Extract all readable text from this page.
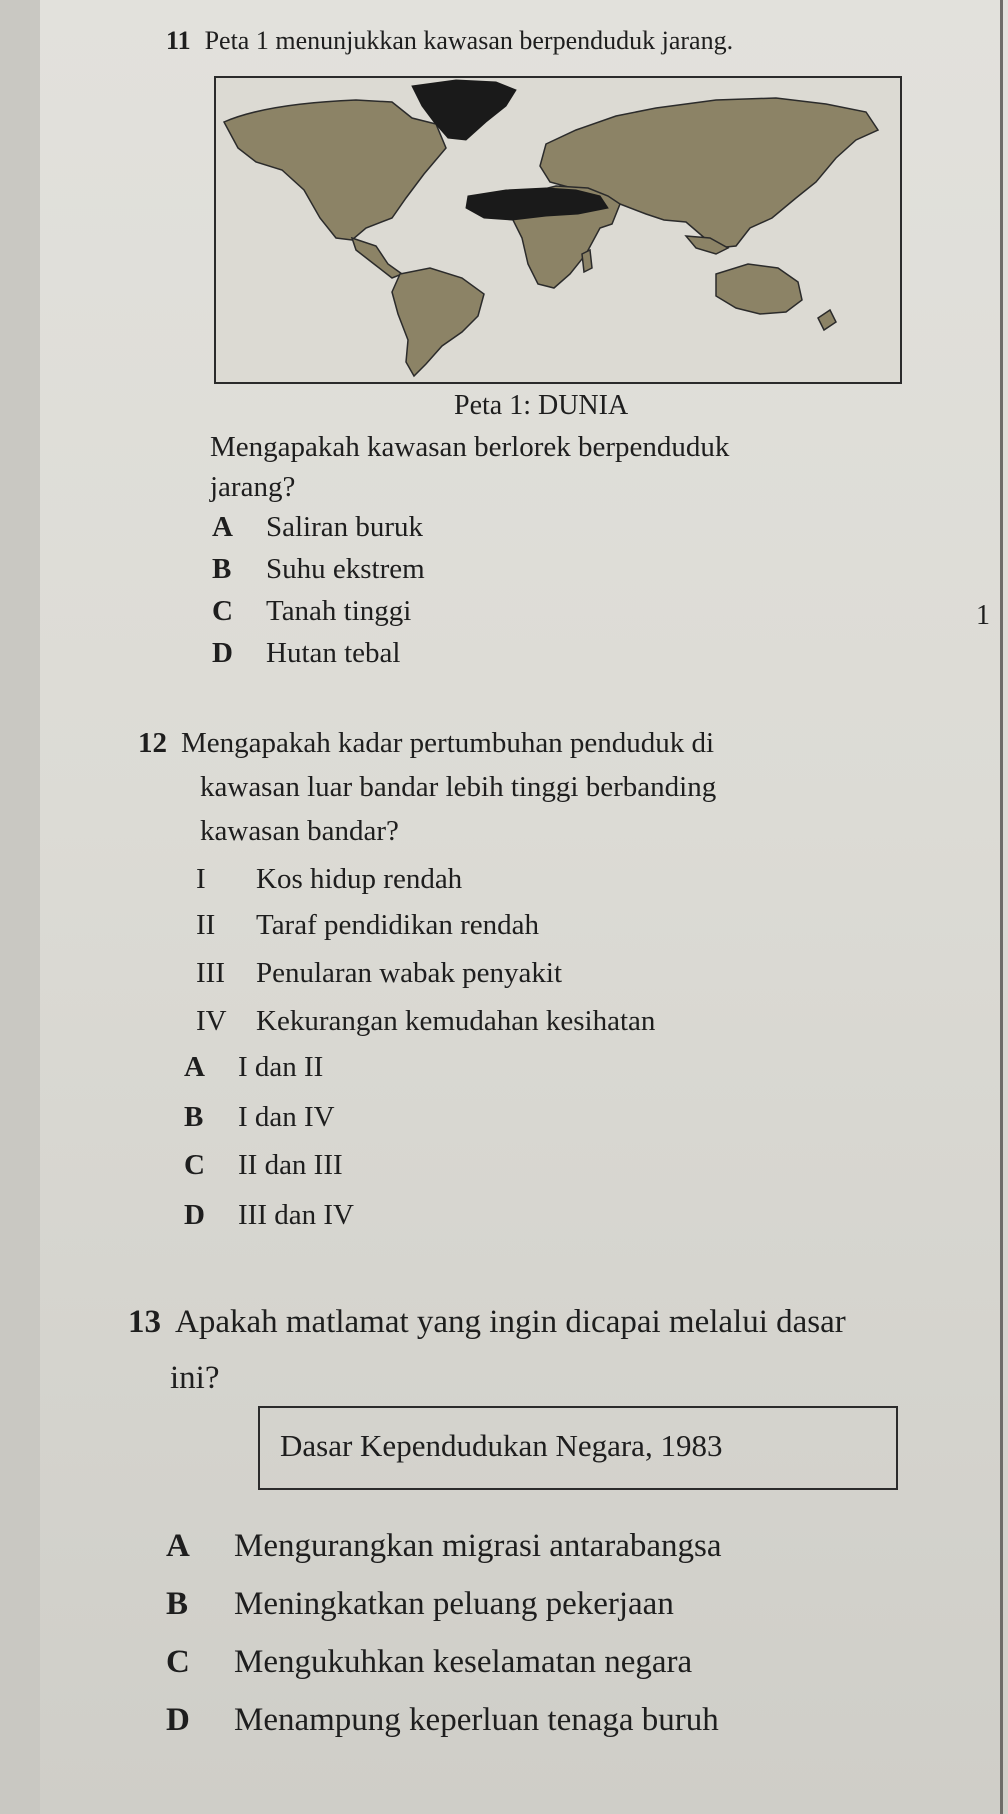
11 Peta 1 menunjukkan kawasan berpenduduk jarang.
Peta 1: DUNIA
Mengapakah kawasan berlorek berpenduduk
jarang?
A Saliran buruk
B Suhu ekstrem
C Tanah tinggi
D Hutan tebal
1
12 Mengapakah kadar pertumbuhan penduduk di
kawasan luar bandar lebih tinggi berbanding
kawasan bandar?
I Kos hidup rendah
II Taraf pendidikan rendah
III Penularan wabak penyakit
IV Kekurangan kemudahan kesihatan
A I dan II
B I dan IV
C II dan III
D III dan IV
13 Apakah matlamat yang ingin dicapai melalui dasar
ini?
Dasar Kependudukan Negara, 1983
A Mengurangkan migrasi antarabangsa
B Meningkatkan peluang pekerjaan
C Mengukuhkan keselamatan negara
D Menampung keperluan tenaga buruh
